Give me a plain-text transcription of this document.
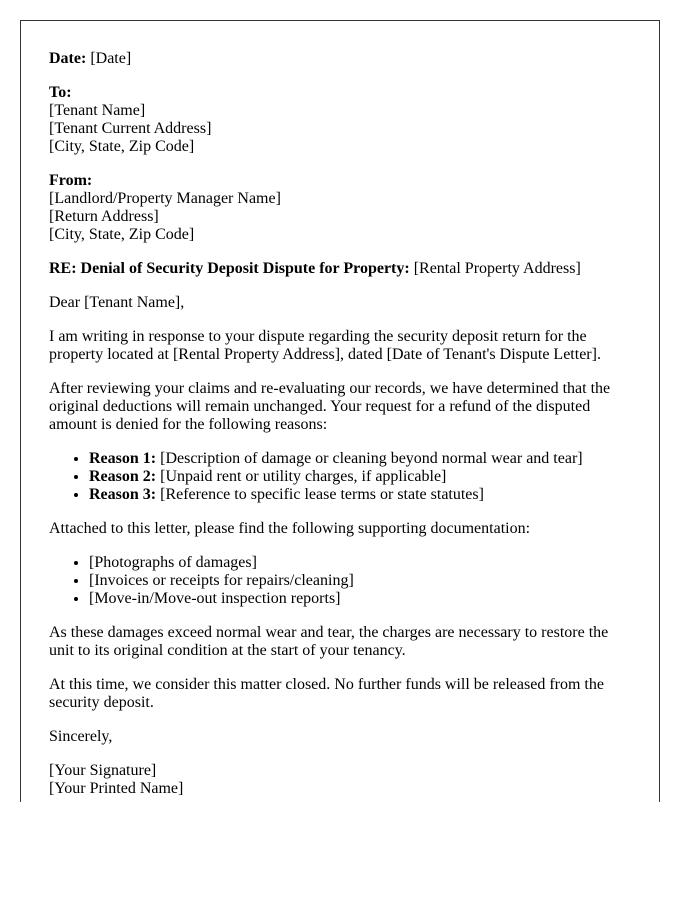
Date: [Date]

To:
[Tenant Name]
[Tenant Current Address]
[City, State, Zip Code]

From:
[Landlord/Property Manager Name]
[Return Address]
[City, State, Zip Code]

RE: Denial of Security Deposit Dispute for Property: [Rental Property Address]

Dear [Tenant Name],

I am writing in response to your dispute regarding the security deposit return for the property located at [Rental Property Address], dated [Date of Tenant's Dispute Letter].

After reviewing your claims and re-evaluating our records, we have determined that the original deductions will remain unchanged. Your request for a refund of the disputed amount is denied for the following reasons:

• Reason 1: [Description of damage or cleaning beyond normal wear and tear]
• Reason 2: [Unpaid rent or utility charges, if applicable]
• Reason 3: [Reference to specific lease terms or state statutes]

Attached to this letter, please find the following supporting documentation:

• [Photographs of damages]
• [Invoices or receipts for repairs/cleaning]
• [Move-in/Move-out inspection reports]

As these damages exceed normal wear and tear, the charges are necessary to restore the unit to its original condition at the start of your tenancy.

At this time, we consider this matter closed. No further funds will be released from the security deposit.

Sincerely,

[Your Signature]
[Your Printed Name]
